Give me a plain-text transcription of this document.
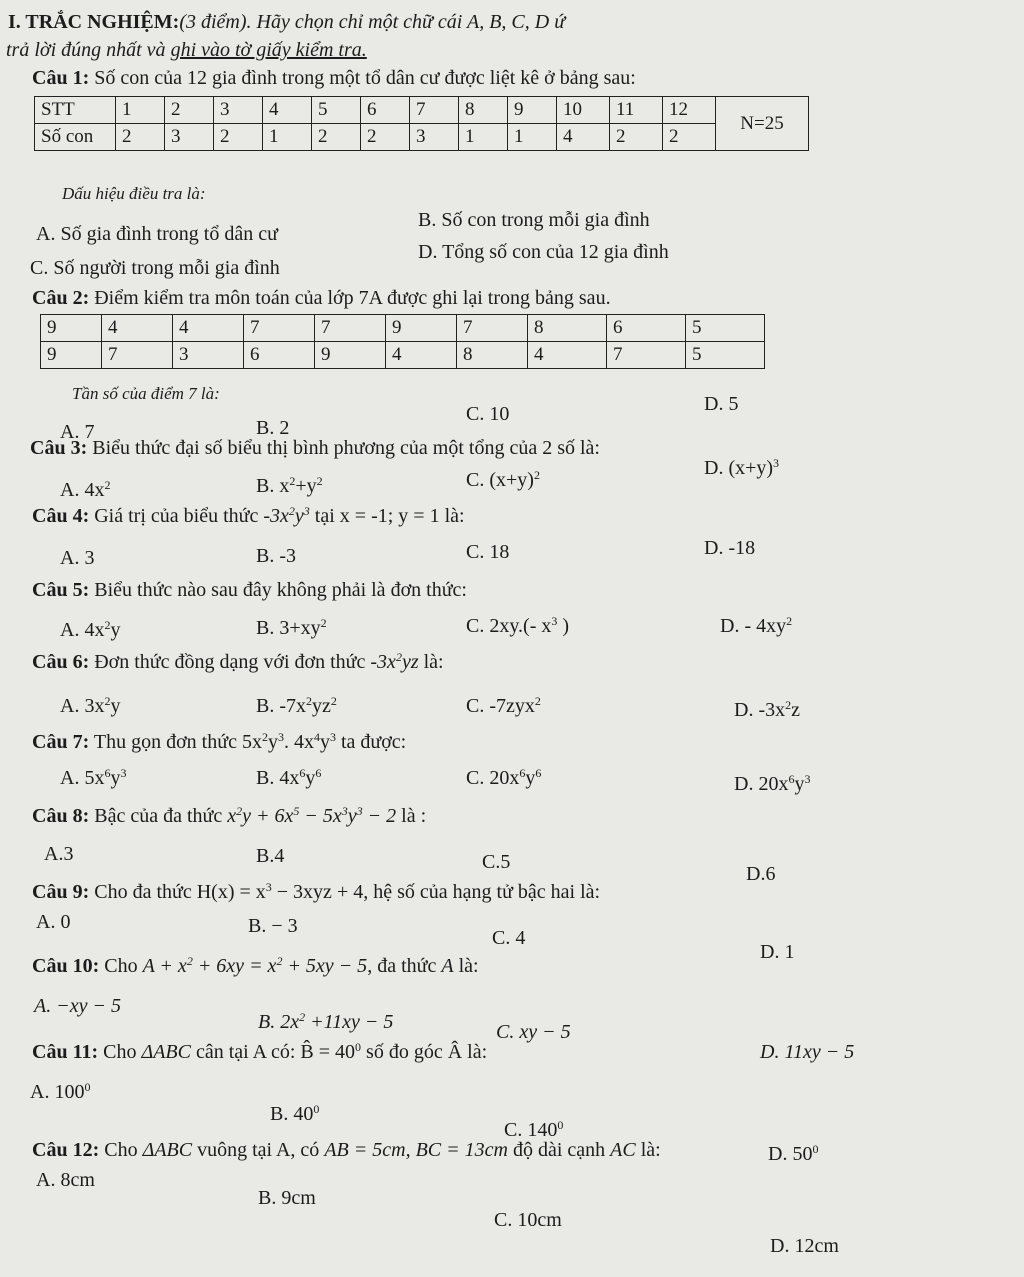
I. TRẮC NGHIỆM:(3 điểm). Hãy chọn chỉ một chữ cái A, B, C, D ứ
trả lời đúng nhất và ghi vào tờ giấy kiểm tra.
Câu 1: Số con của 12 gia đình trong một tổ dân cư được liệt kê ở bảng sau:
STT	1	2	3	4	5	6	7	8	9	10	11	12	N=25
Số con	2	3	2	1	2	2	3	1	1	4	2	2	
Dấu hiệu điều tra là:
A. Số gia đình trong tổ dân cư
B. Số con trong mỗi gia đình
C. Số người trong mỗi gia đình
D. Tổng số con của 12 gia đình
Câu 2: Điểm kiểm tra môn toán của lớp 7A được ghi lại trong bảng sau.
9	4	4	7	7	9	7	8	6	5
9	7	3	6	9	4	8	4	7	5
Tần số của điểm 7 là:
A. 7	B. 2
C. 10	D. 5
Câu 3: Biểu thức đại số biểu thị bình phương của một tổng của 2 số là:
A. $4x^2$	B. $x^2+y^2$	C. $(x+y)^2$	D. $(x+y)^3$
Câu 4: Giá trị của biểu thức $-3x^2y^3$ tại x = -1; y = 1 là:
A. 3	B. -3	C. 18	D. -18
Câu 5: Biểu thức nào sau đây không phải là đơn thức:
A. $4x^2y$	B. $3+xy^2$	C. 2xy.(- $x^3$ )	D. - $4xy^2$
Câu 6: Đơn thức đồng dạng với đơn thức $-3x^2yz$ là:
A. $3x^2y$	B. $-7x^2yz^2$	C. -7zyx$^2$	D. $-3x^2z$
Câu 7: Thu gọn đơn thức $5x^2y^3$. $4x^4y^3$ ta được:
A. $5x^6y^3$	B. $4x^6y^6$	C. $20x^6y^6$	D. $20x^6y^3$
Câu 8: Bậc của đa thức $x^2y + 6x^5 - 5x^3y^3 - 2$ là :
A.3	B.4	C.5
D.6
Câu 9: Cho đa thức $H(x) = x^3 - 3xyz + 4$, hệ số của hạng tử bậc hai là:
A. 0	B. − 3
C. 4
D. 1
Câu 10: Cho $A + x^2 + 6xy = x^2 + 5xy - 5$, đa thức A là:
A. −xy − 5
B. $2x^2 +11xy - 5$	C. xy − 5
D. 11xy − 5
Câu 11: Cho ΔABC cân tại A có: B̂ = $40^0$ số đo góc Â là:
A. $100^0$
B. $40^0$
C. $140^0$
D. $50^0$
Câu 12: Cho ΔABC vuông tại A, có AB = 5cm, BC = 13cm độ dài cạnh AC là:
A. 8cm
B. 9cm
C. 10cm
D. 12cm
